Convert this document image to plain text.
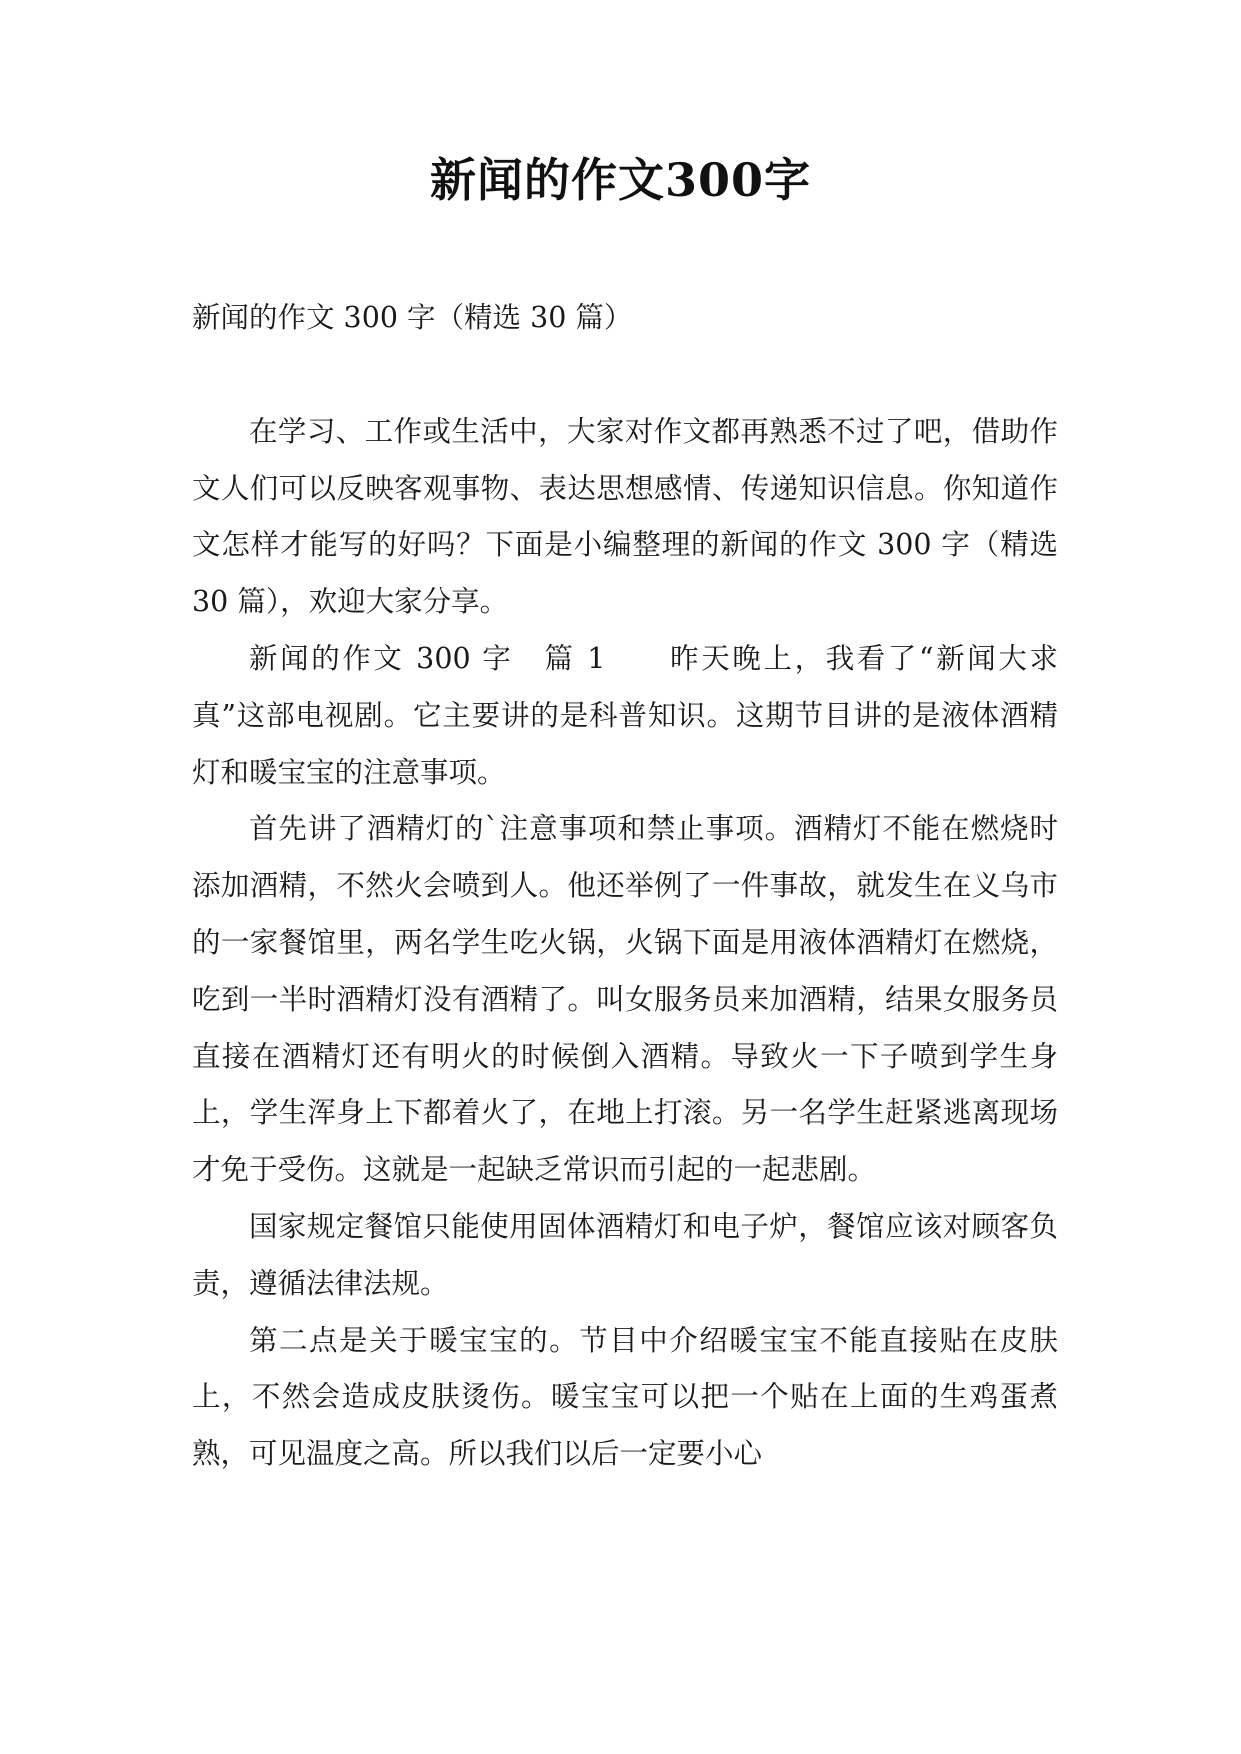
新闻的作文300字

新闻的作文 300 字（精选 30 篇）

在学习、工作或生活中，大家对作文都再熟悉不过了吧，借助作文人们可以反映客观事物、表达思想感情、传递知识信息。你知道作文怎样才能写的好吗？下面是小编整理的新闻的作文 300 字（精选 30 篇），欢迎大家分享。

新闻的作文 300 字　篇 1　　昨天晚上，我看了“新闻大求真”这部电视剧。它主要讲的是科普知识。这期节目讲的是液体酒精灯和暖宝宝的注意事项。

首先讲了酒精灯的`注意事项和禁止事项。酒精灯不能在燃烧时添加酒精，不然火会喷到人。他还举例了一件事故，就发生在义乌市的一家餐馆里，两名学生吃火锅，火锅下面是用液体酒精灯在燃烧，吃到一半时酒精灯没有酒精了。叫女服务员来加酒精，结果女服务员直接在酒精灯还有明火的时候倒入酒精。导致火一下子喷到学生身上，学生浑身上下都着火了，在地上打滚。另一名学生赶紧逃离现场才免于受伤。这就是一起缺乏常识而引起的一起悲剧。

国家规定餐馆只能使用固体酒精灯和电子炉，餐馆应该对顾客负责，遵循法律法规。

第二点是关于暖宝宝的。节目中介绍暖宝宝不能直接贴在皮肤上，不然会造成皮肤烫伤。暖宝宝可以把一个贴在上面的生鸡蛋煮熟，可见温度之高。所以我们以后一定要小心
